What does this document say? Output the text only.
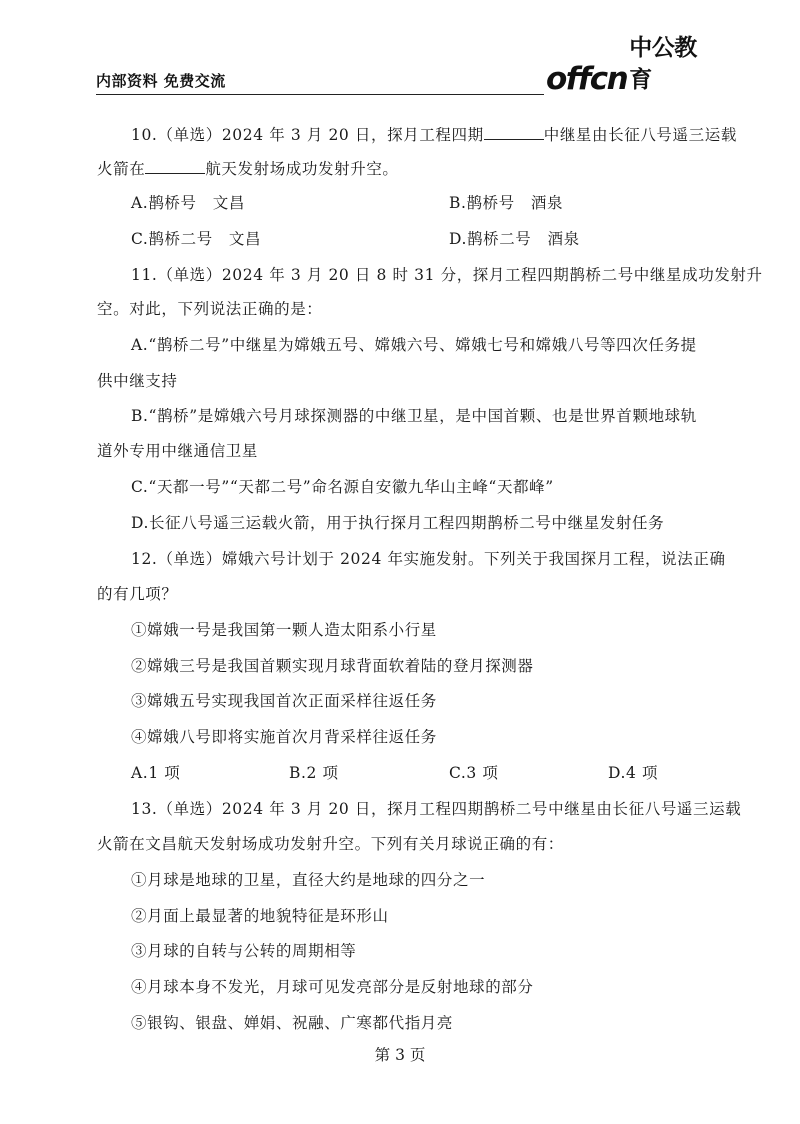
内部资料 免费交流	offcn
中公教育
10.（单选）2024 年 3 月 20 日，探月工程四期	中继星由长征八号遥三运载
火箭在	航天发射场成功发射升空。
A.鹊桥号　文昌	B.鹊桥号　酒泉
C.鹊桥二号　文昌	D.鹊桥二号　酒泉
11.（单选）2024 年 3 月 20 日 8 时 31 分，探月工程四期鹊桥二号中继星成功发射升
空。对此，下列说法正确的是：
A.“鹊桥二号”中继星为嫦娥五号、嫦娥六号、嫦娥七号和嫦娥八号等四次任务提
供中继支持
B.“鹊桥”是嫦娥六号月球探测器的中继卫星，是中国首颗、也是世界首颗地球轨
道外专用中继通信卫星
C.“天都一号”“天都二号”命名源自安徽九华山主峰“天都峰”
D.长征八号遥三运载火箭，用于执行探月工程四期鹊桥二号中继星发射任务
12.（单选）嫦娥六号计划于 2024 年实施发射。下列关于我国探月工程，说法正确
的有几项？
①嫦娥一号是我国第一颗人造太阳系小行星
②嫦娥三号是我国首颗实现月球背面软着陆的登月探测器
③嫦娥五号实现我国首次正面采样往返任务
④嫦娥八号即将实施首次月背采样往返任务
A.1 项	B.2 项	C.3 项	D.4 项
13.（单选）2024 年 3 月 20 日，探月工程四期鹊桥二号中继星由长征八号遥三运载
火箭在文昌航天发射场成功发射升空。下列有关月球说正确的有：
①月球是地球的卫星，直径大约是地球的四分之一
②月面上最显著的地貌特征是环形山
③月球的自转与公转的周期相等
④月球本身不发光，月球可见发亮部分是反射地球的部分
⑤银钩、银盘、婵娟、祝融、广寒都代指月亮
第 3 页
